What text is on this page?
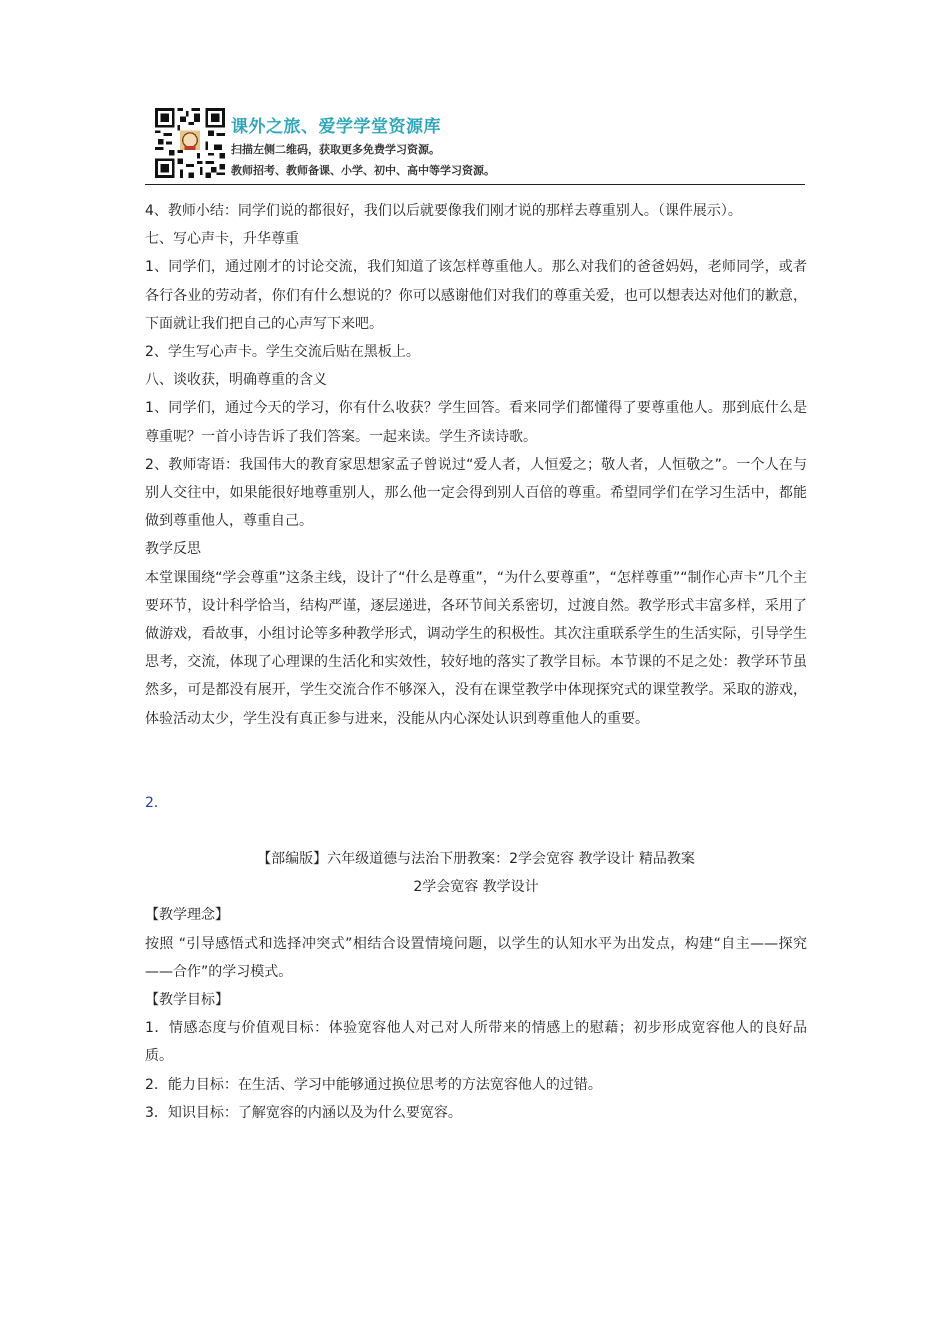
课外之旅、爱学学堂资源库
扫描左侧二维码，获取更多免费学习资源。
教师招考、教师备课、小学、初中、高中等学习资源。

4、教师小结：同学们说的都很好，我们以后就要像我们刚才说的那样去尊重别人。（课件展示）。

七、写心声卡，升华尊重

1、同学们，通过刚才的讨论交流，我们知道了该怎样尊重他人。那么对我们的爸爸妈妈，老师同学，或者各行各业的劳动者，你们有什么想说的？你可以感谢他们对我们的尊重关爱，也可以想表达对他们的歉意，下面就让我们把自己的心声写下来吧。

2、学生写心声卡。学生交流后贴在黑板上。

八、谈收获，明确尊重的含义

1、同学们，通过今天的学习，你有什么收获？学生回答。看来同学们都懂得了要尊重他人。那到底什么是尊重呢？一首小诗告诉了我们答案。一起来读。学生齐读诗歌。

2、教师寄语：我国伟大的教育家思想家孟子曾说过“爱人者，人恒爱之；敬人者，人恒敬之”。一个人在与别人交往中，如果能很好地尊重别人，那么他一定会得到别人百倍的尊重。希望同学们在学习生活中，都能做到尊重他人，尊重自己。

教学反思

本堂课围绕“学会尊重”这条主线，设计了“什么是尊重”，“为什么要尊重”，“怎样尊重”“制作心声卡”几个主要环节，设计科学恰当，结构严谨，逐层递进，各环节间关系密切，过渡自然。教学形式丰富多样，采用了做游戏，看故事，小组讨论等多种教学形式，调动学生的积极性。其次注重联系学生的生活实际，引导学生思考，交流，体现了心理课的生活化和实效性，较好地的落实了教学目标。本节课的不足之处：教学环节虽然多，可是都没有展开，学生交流合作不够深入，没有在课堂教学中体现探究式的课堂教学。采取的游戏，体验活动太少，学生没有真正参与进来，没能从内心深处认识到尊重他人的重要。

2．

【部编版】六年级道德与法治下册教案：2学会宽容 教学设计 精品教案

2学会宽容 教学设计

【教学理念】

按照 “引导感悟式和选择冲突式”相结合设置情境问题，以学生的认知水平为出发点，构建“自主——探究——合作”的学习模式。

【教学目标】

1．情感态度与价值观目标：体验宽容他人对己对人所带来的情感上的慰藉；初步形成宽容他人的良好品质。

2．能力目标：在生活、学习中能够通过换位思考的方法宽容他人的过错。

3．知识目标：了解宽容的内涵以及为什么要宽容。
